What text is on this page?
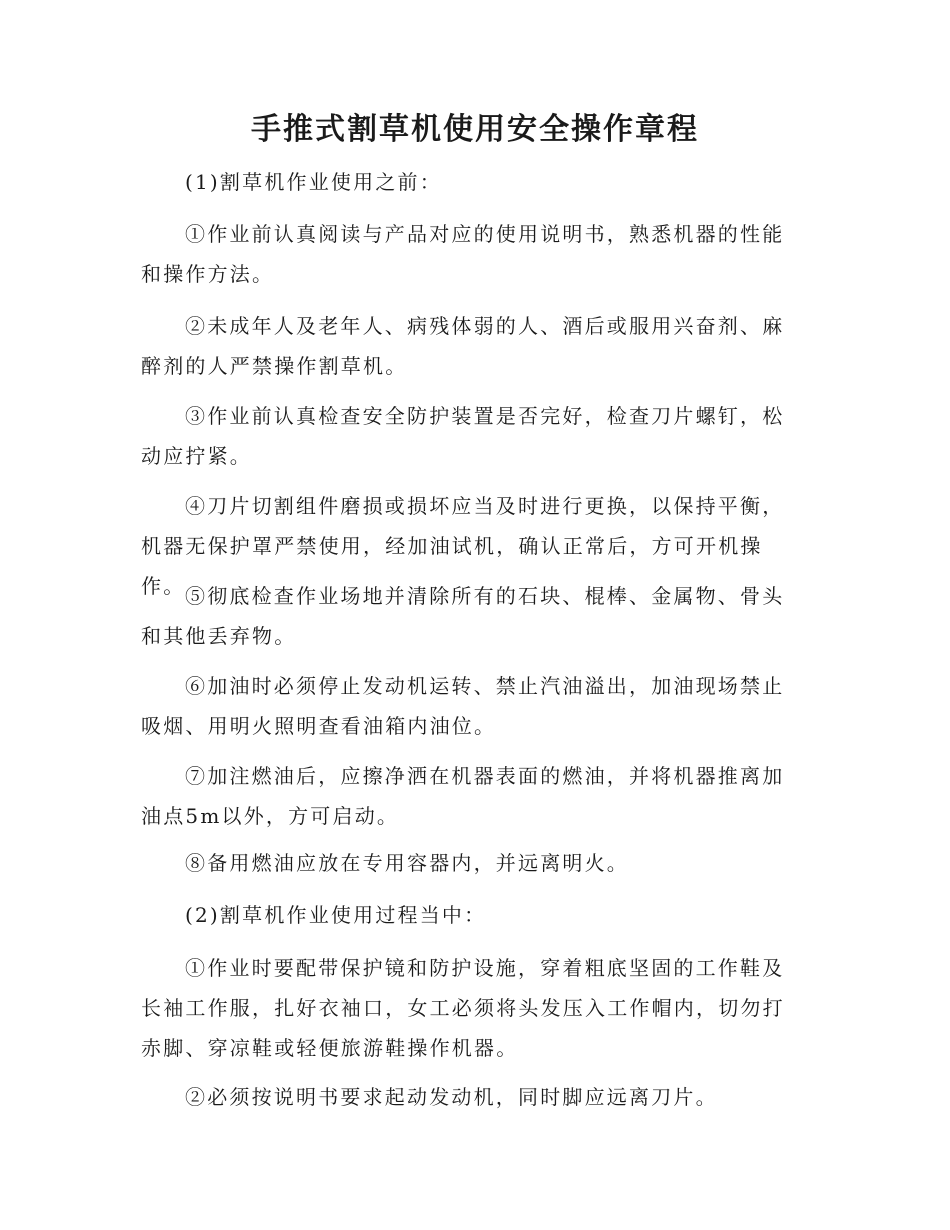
手推式割草机使用安全操作章程

(1)割草机作业使用之前：

①作业前认真阅读与产品对应的使用说明书，熟悉机器的性能和操作方法。

②未成年人及老年人、病残体弱的人、酒后或服用兴奋剂、麻醉剂的人严禁操作割草机。

③作业前认真检查安全防护装置是否完好，检查刀片螺钉，松动应拧紧。

④刀片切割组件磨损或损坏应当及时进行更换，以保持平衡，机器无保护罩严禁使用，经加油试机，确认正常后，方可开机操作。 ⑤彻底检查作业场地并清除所有的石块、棍棒、金属物、骨头和其他丢弃物。

⑥加油时必须停止发动机运转、禁止汽油溢出，加油现场禁止吸烟、用明火照明查看油箱内油位。

⑦加注燃油后，应擦净洒在机器表面的燃油，并将机器推离加油点5m以外，方可启动。

⑧备用燃油应放在专用容器内，并远离明火。

(2)割草机作业使用过程当中：

①作业时要配带保护镜和防护设施，穿着粗底坚固的工作鞋及长袖工作服，扎好衣袖口，女工必须将头发压入工作帽内，切勿打赤脚、穿凉鞋或轻便旅游鞋操作机器。

②必须按说明书要求起动发动机，同时脚应远离刀片。
